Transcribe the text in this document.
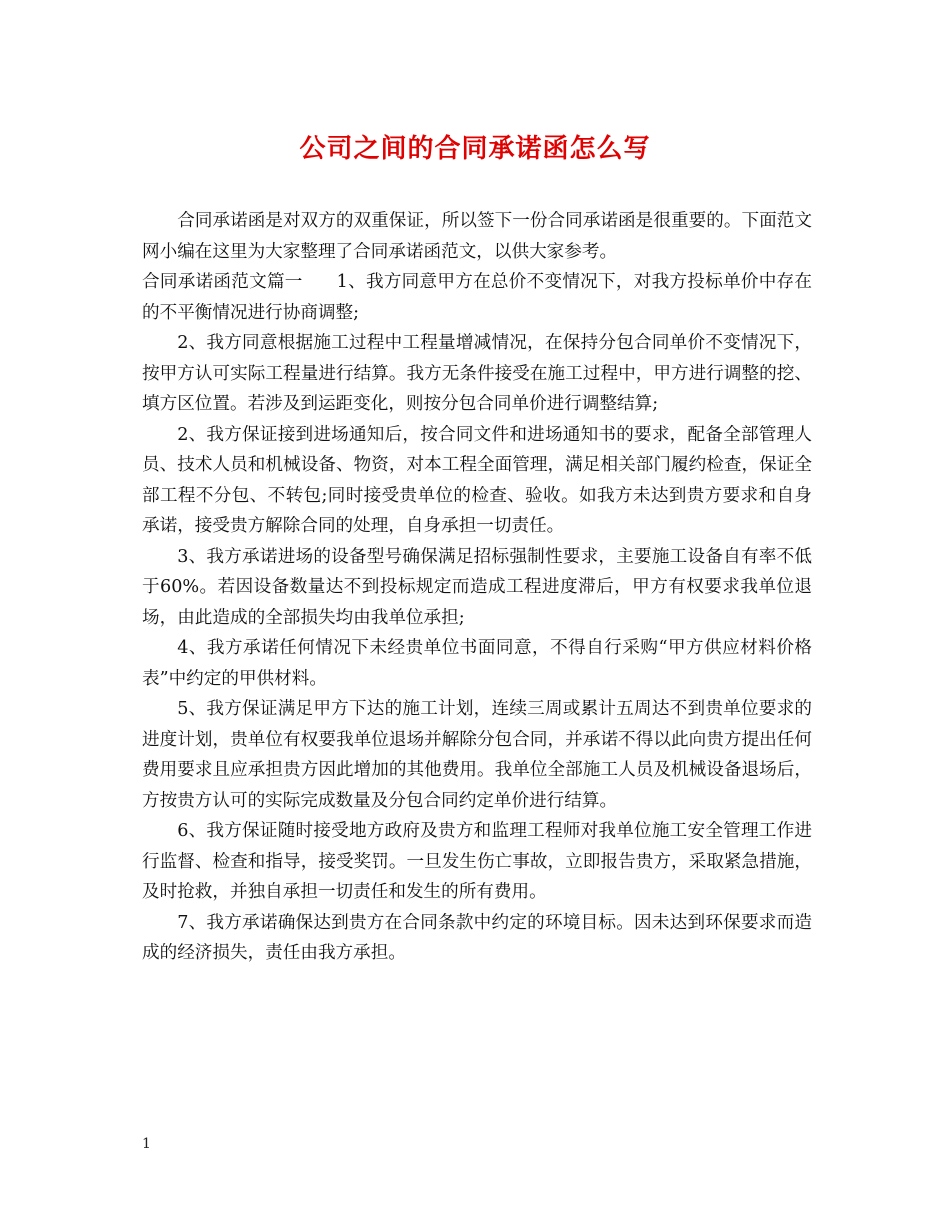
公司之间的合同承诺函怎么写

合同承诺函是对双方的双重保证，所以签下一份合同承诺函是很重要的。下面范文网小编在这里为大家整理了合同承诺函范文，以供大家参考。

合同承诺函范文篇一 1、我方同意甲方在总价不变情况下，对我方投标单价中存在的不平衡情况进行协商调整;

2、我方同意根据施工过程中工程量增减情况，在保持分包合同单价不变情况下，按甲方认可实际工程量进行结算。我方无条件接受在施工过程中，甲方进行调整的挖、填方区位置。若涉及到运距变化，则按分包合同单价进行调整结算;

2、我方保证接到进场通知后，按合同文件和进场通知书的要求，配备全部管理人员、技术人员和机械设备、物资，对本工程全面管理，满足相关部门履约检查，保证全部工程不分包、不转包;同时接受贵单位的检查、验收。如我方未达到贵方要求和自身承诺，接受贵方解除合同的处理，自身承担一切责任。

3、我方承诺进场的设备型号确保满足招标强制性要求，主要施工设备自有率不低于60%。若因设备数量达不到投标规定而造成工程进度滞后，甲方有权要求我单位退场，由此造成的全部损失均由我单位承担;

4、我方承诺任何情况下未经贵单位书面同意，不得自行采购“甲方供应材料价格表”中约定的甲供材料。

5、我方保证满足甲方下达的施工计划，连续三周或累计五周达不到贵单位要求的进度计划，贵单位有权要我单位退场并解除分包合同，并承诺不得以此向贵方提出任何费用要求且应承担贵方因此增加的其他费用。我单位全部施工人员及机械设备退场后，方按贵方认可的实际完成数量及分包合同约定单价进行结算。

6、我方保证随时接受地方政府及贵方和监理工程师对我单位施工安全管理工作进行监督、检查和指导，接受奖罚。一旦发生伤亡事故，立即报告贵方，采取紧急措施，及时抢救，并独自承担一切责任和发生的所有费用。

7、我方承诺确保达到贵方在合同条款中约定的环境目标。因未达到环保要求而造成的经济损失，责任由我方承担。

1
